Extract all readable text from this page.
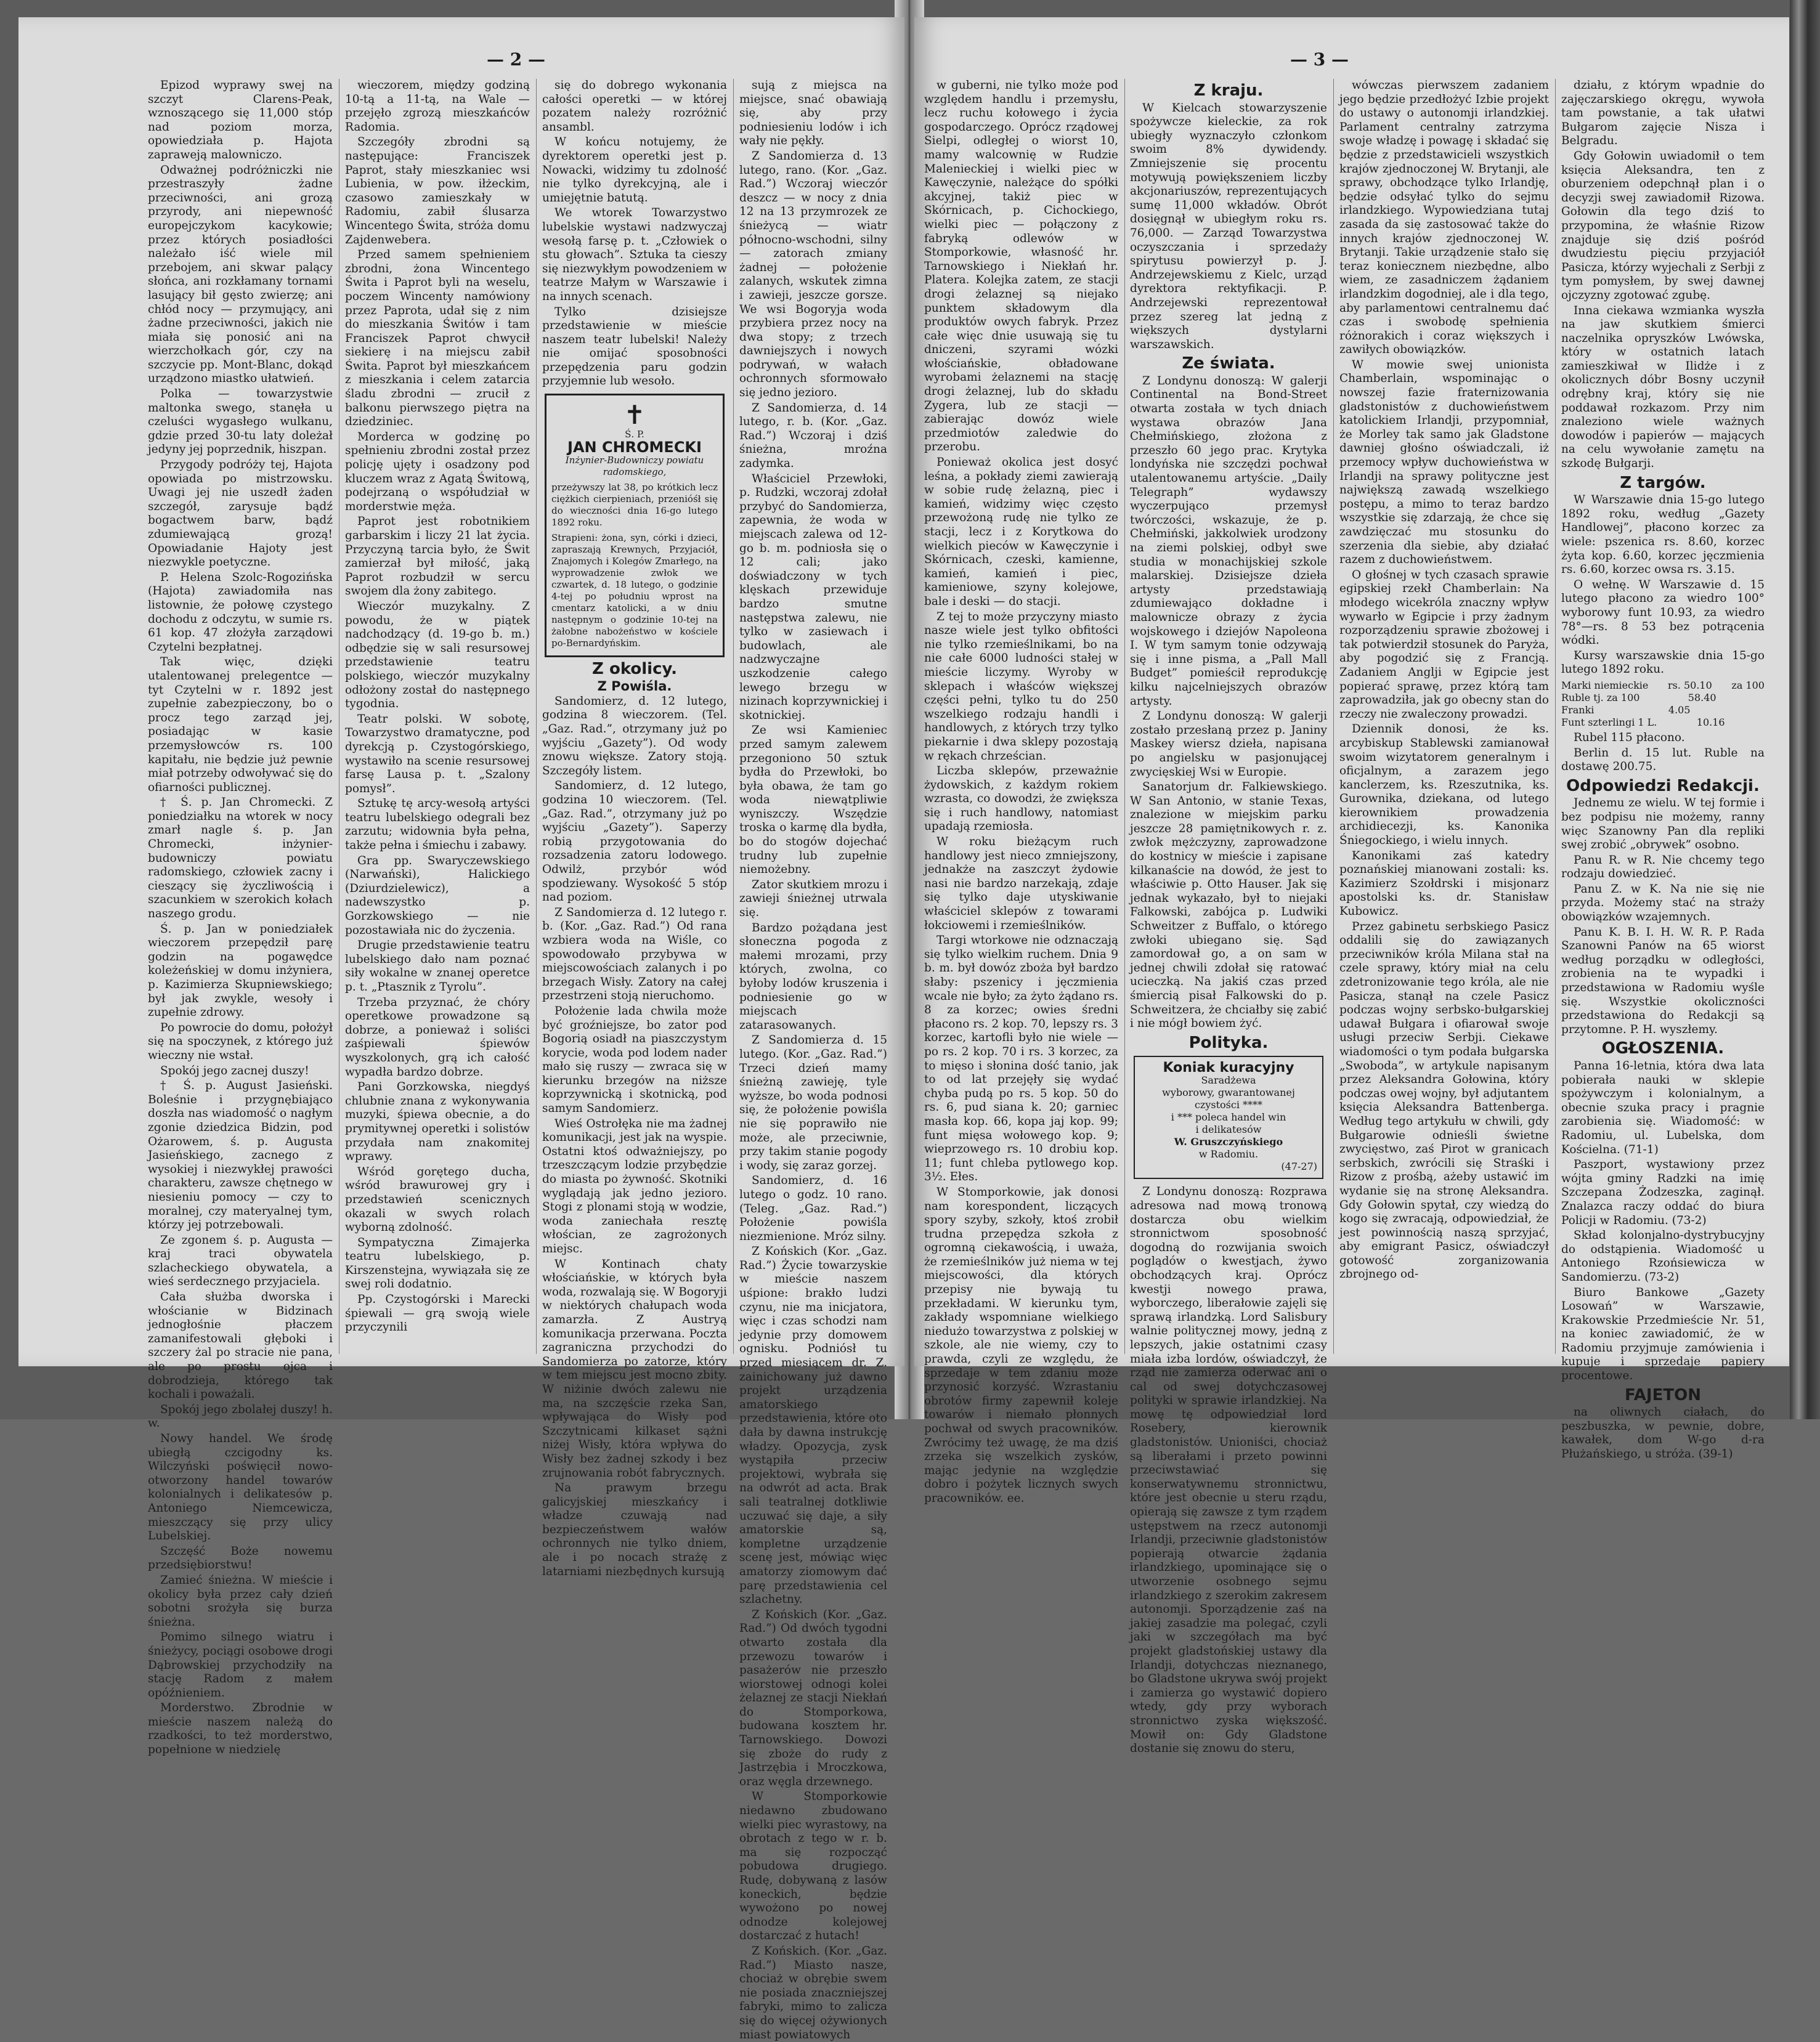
— 2 —

Epizod wyprawy swej na szczyt Clarens-Peak, wznoszącego się 11,000 stóp nad poziom morza, opowiedziała p. Hajota zapraweją malowniczo.

Odważnej podróżniczki nie przestraszyły żadne przeciwności, ani grozą przyrody, ani niepewność europejczykom kacykowie; przez których posiadłości należało iść wiele mil przebojem, ani skwar palący słońca, ani rozkłamany tornami lasujący bił gęsto zwierzę; ani chłód nocy — przymujący, ani żadne przeciwności, jakich nie miała się ponosić ani na wierzchołkach gór, czy na szczycie pp. Mont-Blanc, dokąd urządzono miastko ułatwień.

Polka — towarzystwie maltonka swego, stanęła u czeluści wygasłego wulkanu, gdzie przed 30-tu laty doleżał jedyny jej poprzednik, hiszpan.

Przygody podróży tej, Hajota opowiada po mistrzowsku. Uwagi jej nie uszedł żaden szczegół, zarysuje bądź bogactwem barw, bądź zdumiewającą grozą! Opowiadanie Hajoty jest niezwykle poetyczne.

P. Helena Szolc-Rogozińska (Hajota) zawiadomiła nas listownie, że połowę czystego dochodu z odczytu, w sumie rs. 61 kop. 47 złożyła zarządowi Czytelni bezpłatnej.

Tak więc, dzięki utalentowanej prelegentce — tyt Czytelni w r. 1892 jest zupełnie zabezpieczony, bo o procz tego zarząd jej, posiadając w kasie przemysłowców rs. 100 kapitału, nie będzie już pewnie miał potrzeby odwoływać się do ofiarności publicznej.

† Ś. p. Jan Chromecki. Z poniedziałku na wtorek w nocy zmarł nagle ś. p. Jan Chromecki, inżynier-budowniczy powiatu radomskiego, człowiek zacny i cieszący się życzliwością i szacunkiem w szerokich kołach naszego grodu.

Ś. p. Jan w poniedziałek wieczorem przepędził parę godzin na pogawędce koleżeńskiej w domu inżyniera, p. Kazimierza Skupniewskiego; był jak zwykle, wesoły i zupełnie zdrowy.

Po powrocie do domu, położył się na spoczynek, z którego już wieczny nie wstał.

Spokój jego zacnej duszy!

† Ś. p. August Jasieński. Boleśnie i przygnębiająco doszła nas wiadomość o nagłym zgonie dziedzica Bidzin, pod Ożarowem, ś. p. Augusta Jasieńskiego, zacnego z wysokiej i niezwykłej prawości charakteru, zawsze chętnego w niesieniu pomocy — czy to moralnej, czy materyalnej tym, którzy jej potrzebowali.

Ze zgonem ś. p. Augusta — kraj traci obywatela szlacheckiego obywatela, a wieś serdecznego przyjaciela.

Cała służba dworska i włościanie w Bidzinach jednogłośnie płaczem zamanifestowali głęboki i szczery żal po stracie nie pana, ale po prostu ojca i dobrodzieja, którego tak kochali i poważali.

Spokój jego zbolałej duszy! h. w.

Nowy handel. We środę ubiegłą czcigodny ks. Wilczyński poświęcił nowo-otworzony handel towarów kolonialnych i delikatesów p. Antoniego Niemcewicza, mieszczący się przy ulicy Lubelskiej.

Szczęść Boże nowemu przedsiębiorstwu!

Zamieć śnieżna. W mieście i okolicy była przez cały dzień sobotni srożyła się burza śnieżna.

Pomimo silnego wiatru i śnieżycy, pociągi osobowe drogi Dąbrowskiej przychodziły na stację Radom z małem opóźnieniem.

Morderstwo. Zbrodnie w mieście naszem należą do rzadkości, to też morderstwo, popełnione w niedzielę

wieczorem, między godziną 10-tą a 11-tą, na Wale — przejęło zgrozą mieszkańców Radomia.

Szczegóły zbrodni są następujące: Franciszek Paprot, stały mieszkaniec wsi Lubienia, w pow. iłżeckim, czasowo zamieszkały w Radomiu, zabił ślusarza Wincentego Świta, stróża domu Zajdenwebera.

Przed samem spełnieniem zbrodni, żona Wincentego Świta i Paprot byli na weselu, poczem Wincenty namówiony przez Paprota, udał się z nim do mieszkania Świtów i tam Franciszek Paprot chwycił siekierę i na miejscu zabił Świta. Paprot był mieszkańcem z mieszkania i celem zatarcia śladu zbrodni — zrucił z balkonu pierwszego piętra na dziedziniec.

Morderca w godzinę po spełnieniu zbrodni został przez policję ujęty i osadzony pod kluczem wraz z Agatą Świtową, podejrzaną o współudział w morderstwie męża.

Paprot jest robotnikiem garbarskim i liczy 21 lat życia. Przyczyną tarcia było, że Świt zamierzał był miłość, jaką Paprot rozbudził w sercu swojem dla żony zabitego.

Wieczór muzykalny. Z powodu, że w piątek nadchodzący (d. 19-go b. m.) odbędzie się w sali resursowej przedstawienie teatru polskiego, wieczór muzykalny odłożony został do następnego tygodnia.

Teatr polski. W sobotę, Towarzystwo dramatyczne, pod dyrekcją p. Czystogórskiego, wystawiło na scenie resursowej farsę Lausa p. t. „Szalony pomysł”.

Sztukę tę arcy-wesołą artyści teatru lubelskiego odegrali bez zarzutu; widownia była pełna, także pełna i śmiechu i zabawy.

Gra pp. Swaryczewskiego (Narwański), Halickiego (Dziurdzielewicz), a nadewszystko p. Gorzkowskiego — nie pozostawiała nic do życzenia.

Drugie przedstawienie teatru lubelskiego dało nam poznać siły wokalne w znanej operetce p. t. „Ptasznik z Tyrolu”.

Trzeba przyznać, że chóry operetkowe prowadzone są dobrze, a ponieważ i soliści zaśpiewali śpiewów wyszkolonych, grą ich całość wypadła bardzo dobrze.

Pani Gorzkowska, niegdyś chlubnie znana z wykonywania muzyki, śpiewa obecnie, a do prymitywnej operetki i solistów przydała nam znakomitej wprawy.

Wśród gorętego ducha, wśród brawurowej gry i przedstawień scenicznych okazali w swych rolach wyborną zdolność.

Sympatyczna Zimajerka teatru lubelskiego, p. Kirszenstejna, wywiązała się ze swej roli dodatnio.

Pp. Czystogórski i Marecki śpiewali — grą swoją wiele przyczynili

się do dobrego wykonania całości operetki — w której pozatem należy rozróżnić ansambl.

W końcu notujemy, że dyrektorem operetki jest p. Nowacki, widzimy tu zdolność nie tylko dyrekcyjną, ale i umiejętnie batutą.

We wtorek Towarzystwo lubelskie wystawi nadzwyczaj wesołą farsę p. t. „Człowiek o stu głowach”. Sztuka ta cieszy się niezwykłym powodzeniem w teatrze Małym w Warszawie i na innych scenach.

Tylko dzisiejsze przedstawienie w mieście naszem teatr lubelski! Należy nie omijać sposobności przepędzenia paru godzin przyjemnie lub wesoło.

✝
Ś. P.
JAN CHROMECKI
Inżynier-Budowniczy powiatu radomskiego,
przeżywszy lat 38, po krótkich lecz ciężkich cierpieniach, przenióśł się do wieczności dnia 16-go lutego 1892 roku.
Strapieni: żona, syn, córki i dzieci, zapraszają Krewnych, Przyjaciół, Znajomych i Kolegów Zmarłego, na wyprowadzenie zwłok we czwartek, d. 18 lutego, o godzinie 4-tej po południu wprost na cmentarz katolicki, a w dniu następnym o godzinie 10-tej na żałobne nabożeństwo w kościele po-Bernardyńskim.
Z okolicy.
Z Powiśla.

Sandomierz, d. 12 lutego, godzina 8 wieczorem. (Tel. „Gaz. Rad.”, otrzymany już po wyjściu „Gazety”). Od wody znowu większe. Zatory stoją. Szczegóły listem.

Sandomierz, d. 12 lutego, godzina 10 wieczorem. (Tel. „Gaz. Rad.”, otrzymany już po wyjściu „Gazety”). Saperzy robią przygotowania do rozsadzenia zatoru lodowego. Odwilż, przybór wód spodziewany. Wysokość 5 stóp nad poziom.

Z Sandomierza d. 12 lutego r. b. (Kor. „Gaz. Rad.”) Od rana wzbiera woda na Wiśle, co spowodowało przybywa w miejscowościach zalanych i po brzegach Wisły. Zatory na całej przestrzeni stoją nieruchomo.

Położenie lada chwila może być groźniejsze, bo zator pod Bogorią osiadł na piaszczystym korycie, woda pod lodem nader mało się ruszy — zwraca się w kierunku brzegów na niższe koprzywnicką i skotnicką, pod samym Sandomierz.

Wieś Ostrołęka nie ma żadnej komunikacji, jest jak na wyspie. Ostatni ktoś odważniejszy, po trzeszczącym lodzie przybędzie do miasta po żywność. Skotniki wyglądają jak jedno jezioro. Stogi z plonami stoją w wodzie, woda zaniechała resztę włościan, ze zagrożonych miejsc.

W Kontinach chaty włościańskie, w których była woda, rozwalają się. W Bogoryji w niektórych chałupach woda zamarzła. Z Austryą komunikacja przerwana. Poczta zagraniczna przychodzi do Sandomierza po zatorze, który w tem miejscu jest mocno zbity. W niżinie dwóch zalewu nie ma, na szczęście rzeka San, wpływająca do Wisły pod Szczytnicami kilkaset sążni niżej Wisły, która wpływa do Wisły bez żadnej szkody i bez zrujnowania robót fabrycznych.

Na prawym brzegu galicyjskiej mieszkańcy i władze czuwają nad bezpieczeństwem wałów ochronnych nie tylko dniem, ale i po nocach strażę z latarniami niezbędnych kursują

sują z miejsca na miejsce, snać obawiają się, aby przy podniesieniu lodów i ich wały nie pękły.

Z Sandomierza d. 13 lutego, rano. (Kor. „Gaz. Rad.”) Wczoraj wieczór deszcz — w nocy z dnia 12 na 13 przymrozek ze śnieżycą — wiatr północno-wschodni, silny — zatorach zmiany żadnej — położenie zalanych, wskutek zimna i zawieji, jeszcze gorsze. We wsi Bogoryja woda przybiera przez nocy na dwa stopy; z trzech dawniejszych i nowych podrywań, w wałach ochronnych sformowało się jedno jezioro.

Z Sandomierza, d. 14 lutego, r. b. (Kor. „Gaz. Rad.”) Wczoraj i dziś śnieżna, mroźna zadymka.

Właściciel Przewłoki, p. Rudzki, wczoraj zdołał przybyć do Sandomierza, zapewnia, że woda w miejscach zalewa od 12-go b. m. podniosła się o 12 cali; jako doświadczony w tych klęskach przewiduje bardzo smutne następstwa zalewu, nie tylko w zasiewach i budowlach, ale nadzwyczajne uszkodzenie całego lewego brzegu w nizinach koprzywnickiej i skotnickiej.

Ze wsi Kamieniec przed samym zalewem przegoniono 50 sztuk bydła do Przewłoki, bo była obawa, że tam go woda niewątpliwie wyniszczy. Wszędzie troska o karmę dla bydła, bo do stogów dojechać trudny lub zupełnie niemożebny.

Zator skutkiem mrozu i zawieji śnieżnej utrwala się.

Bardzo pożądana jest słoneczna pogoda z małemi mrozami, przy których, zwolna, co byłoby lodów kruszenia i podniesienie go w miejscach zatarasowanych.

Z Sandomierza d. 15 lutego. (Kor. „Gaz. Rad.”) Trzeci dzień mamy śnieżną zawieję, tyle wyższe, bo woda podnosi się, że położenie powiśla nie się poprawiło nie może, ale przeciwnie, przy takim stanie pogody i wody, się zaraz gorzej.

Sandomierz, d. 16 lutego o godz. 10 rano. (Teleg. „Gaz. Rad.”) Położenie powiśla niezmienione. Mróz silny.

Z Końskich (Kor. „Gaz. Rad.”) Życie towarzyskie w mieście naszem uśpione: brakło ludzi czynu, nie ma inicjatora, więc i czas schodzi nam jedynie przy domowem ognisku. Podniósł tu przed miesiącem dr. Z. zainichowany już dawno projekt urządzenia amatorskiego przedstawienia, które oto dała by dawna instrukcję władzy. Opozycja, zysk wystąpiła przeciw projektowi, wybrała się na odwrót ad acta. Brak sali teatralnej dotkliwie uczuwać się daje, a siły amatorskie są, kompletne urządzenie scenę jest, mówiąc więc amatorzy ziomowym dać parę przedstawienia cel szlachetny.

Z Końskich (Kor. „Gaz. Rad.”) Od dwóch tygodni otwarto została dla przewozu towarów i pasażerów nie przeszło wiorstowej odnogi kolei żelaznej ze stacji Niekłań do Stomporkowa, budowana kosztem hr. Tarnowskiego. Dowozi się zboże do rudy z Jastrzębia i Mroczkowa, oraz węgla drzewnego.

W Stomporkowie niedawno zbudowano wielki piec wyrastowy, na obrotach z tego w r. b. ma się rozpocząć pobudowa drugiego. Rudę, dobywaną z lasów koneckich, będzie wywożono po nowej odnodze kolejowej dostarczać z hutach!

Z Końskich. (Kor. „Gaz. Rad.”) Miasto nasze, chociaż w obrębie swem nie posiada znaczniejszej fabryki, mimo to zalicza się do więcej ożywionych miast powiatowych

— 3 —

w guberni, nie tylko może pod względem handlu i przemysłu, lecz ruchu kołowego i życia gospodarczego. Oprócz rządowej Sielpi, odległej o wiorst 10, mamy walcownię w Rudzie Malenieckiej i wielki piec w Kawęczynie, należące do spółki akcyjnej, takiż piec w Skórnicach, p. Cichockiego, wielki piec — połączony z fabryką odlewów w Stomporkowie, własność hr. Tarnowskiego i Niekłań hr. Platera. Kolejka zatem, ze stacji drogi żelaznej są niejako punktem składowym dla produktów owych fabryk. Przez całe więc dnie usuwają się tu dniczeni, szyrami wózki włościańskie, obładowane wyrobami żelaznemi na stację drogi żelaznej, lub do składu Zygera, lub ze stacji — zabierając dowóz wiele przedmiotów zaledwie do przerobu.

Ponieważ okolica jest dosyć leśna, a pokłady ziemi zawierają w sobie rudę żelazną, piec i kamień, widzimy więc często przewożoną rudę nie tylko ze stacji, lecz i z Korytkowa do wielkich pieców w Kawęczynie i Skórnicach, czeski, kamienne, kamień, kamień i piec, kamieniowe, szyny kolejowe, bale i deski — do stacji.

Z tej to może przyczyny miasto nasze wiele jest tylko obfitości nie tylko rzemieślnikami, bo na nie całe 6000 ludności stałej w mieście liczymy. Wyroby w sklepach i właśców większej części pełni, tylko tu do 250 wszelkiego rodzaju handli i handlowych, z których trzy tylko piekarnie i dwa sklepy pozostają w rękach chrześcian.

Liczba sklepów, przeważnie żydowskich, z każdym rokiem wzrasta, co dowodzi, że zwiększa się i ruch handlowy, natomiast upadają rzemiosła.

W roku bieżącym ruch handlowy jest nieco zmniejszony, jednakże na zaszczyt żydowie nasi nie bardzo narzekają, zdaje się tylko daje utyskiwanie właściciel sklepów z towarami łokciowemi i rzemieślników.

Targi wtorkowe nie odznaczają się tylko wielkim ruchem. Dnia 9 b. m. był dowóz zboża był bardzo słaby: pszenicy i jęczmienia wcale nie było; za żyto żądano rs. 8 za korzec; owies średni płacono rs. 2 kop. 70, lepszy rs. 3 korzec, kartofli było nie wiele — po rs. 2 kop. 70 i rs. 3 korzec, za to mięso i słonina dość tanio, jak to od lat przejęły się wydać chyba pudą po rs. 5 kop. 50 do rs. 6, pud siana k. 20; garniec masła kop. 66, kopa jaj kop. 99; funt mięsa wołowego kop. 9; wieprzowego rs. 10 drobiu kop. 11; funt chleba pytlowego kop. 3½. Ełes.

W Stomporkowie, jak donosi nam korespondent, liczących spory szyby, szkoły, ktoś zrobił trudna przepędza szkoła z ogromną ciekawością, i uważa, że rzemieślników już niema w tej miejscowości, dla których przepisy nie bywają tu przekładami. W kierunku tym, zakłady wspomniane wielkiego niedużo towarzystwa z polskiej w szkole, ale nie wiemy, czy to prawda, czyli ze względu, że sprzedaje w tem zdaniu może przynosić korzyść. Wzrastaniu obrotów firmy zapewnił koleje towarów i niemało płonnych pochwał od swych pracowników. Zwrócimy też uwagę, że ma dziś zrzeka się wszelkich zysków, mając jedynie na względzie dobro i pożytek licznych swych pracowników. ee.

Z kraju.

W Kielcach stowarzyszenie spożywcze kieleckie, za rok ubiegły wyznaczyło członkom swoim 8% dywidendy. Zmniejszenie się procentu motywują powiększeniem liczby akcjonariuszów, reprezentujących sumę 11,000 wkładów. Obrót dosięgnął w ubiegłym roku rs. 76,000. — Zarząd Towarzystwa oczyszczania i sprzedaży spirytusu powierzył p. J. Andrzejewskiemu z Kielc, urząd dyrektora rektyfikacji. P. Andrzejewski reprezentował przez szereg lat jedną z większych dystylarni warszawskich.

Ze świata.

Z Londynu donoszą: W galerji Continental na Bond-Street otwarta została w tych dniach wystawa obrazów Jana Chełmińskiego, złożona z przeszło 60 jego prac. Krytyka londyńska nie szczędzi pochwał utalentowanemu artyście. „Daily Telegraph” wydawszy wyczerpująco przemysł twórczości, wskazuje, że p. Chełmiński, jakkolwiek urodzony na ziemi polskiej, odbył swe studia w monachijskiej szkole malarskiej. Dzisiejsze dzieła artysty przedstawiają zdumiewająco dokładne i malownicze obrazy z życia wojskowego i dziejów Napoleona I. W tym samym tonie odzywają się i inne pisma, a „Pall Mall Budget” pomieścił reprodukcję kilku najcelniejszych obrazów artysty.

Z Londynu donoszą: W galerji zostało przesłaną przez p. Janiny Maskey wiersz dzieła, napisana po angielsku w pasjonującej zwycięskiej Wsi w Europie.

Sanatorjum dr. Falkiewskiego. W San Antonio, w stanie Texas, znalezione w miejskim parku jeszcze 28 pamiętnikowych r. z. zwłok mężczyzny, zaprowadzone do kostnicy w mieście i zapisane kilkanaście na dowód, że jest to właściwie p. Otto Hauser. Jak się jednak wykazało, był to niejaki Falkowski, zabójca p. Ludwiki Schweitzer z Buffalo, o którego zwłoki ubiegano się. Sąd zamordował go, a on sam w jednej chwili zdołał się ratować ucieczką. Na jakiś czas przed śmiercią pisał Falkowski do p. Schweitzera, że chciałby się zabić i nie mógł bowiem żyć.

Polityka.

Koniak kuracyjny
Saradżewa
wyborowy, gwarantowanej czystości ****
i *** poleca handel win
i delikatesów
W. Gruszczyńskiego
w Radomiu.
(47-27)

Z Londynu donoszą: Rozprawa adresowa nad mową tronową dostarcza obu wielkim stronnictwom sposobność dogodną do rozwijania swoich poglądów o kwestjach, żywo obchodzących kraj. Oprócz kwestji nowego prawa, wyborczego, liberałowie zajęli się sprawą irlandzką. Lord Salisbury walnie politycznej mowy, jedną z lepszych, jakie ostatnimi czasy miała izba lordów, oświadczył, że rząd nie zamierza oderwać ani o cal od swej dotychczasowej polityki w sprawie irlandzkiej. Na mowę tę odpowiedział lord Rosebery, kierownik gladstonistów. Unioniści, chociaż są liberałami i przeto powinni przeciwstawiać się konserwatywnemu stronnictwu, które jest obecnie u steru rządu, opierają się zawsze z tym rządem ustępstwem na rzecz autonomji Irlandji, przeciwnie gladstonistów popierają otwarcie żądania irlandzkiego, upominające się o utworzenie osobnego sejmu irlandzkiego z szerokim zakresem autonomji. Sporządzenie zaś na jakiej zasadzie ma polegać, czyli jaki w szczegółach ma być projekt gladstońskiej ustawy dla Irlandji, dotychczas nieznanego, bo Gladstone ukrywa swój projekt i zamierza go wystawić dopiero wtedy, gdy przy wyborach stronnictwo zyska większość. Mowił on: Gdy Gladstone dostanie się znowu do steru,

wówczas pierwszem zadaniem jego będzie przedłożyć Izbie projekt do ustawy o autonomji irlandzkiej. Parlament centralny zatrzyma swoje władzę i powagę i składać się będzie z przedstawicieli wszystkich krajów zjednoczonej W. Brytanji, ale sprawy, obchodzące tylko Irlandję, będzie odsyłać tylko do sejmu irlandzkiego. Wypowiedziana tutaj zasada da się zastosować także do innych krajów zjednoczonej W. Brytanji. Takie urządzenie stało się teraz koniecznem niezbędne, albo wiem, ze zasadniczem żądaniem irlandzkim dogodniej, ale i dla tego, aby parlamentowi centralnemu dać czas i swobodę spełnienia różnorakich i coraz większych i zawiłych obowiązków.

W mowie swej unionista Chamberlain, wspominając o nowszej fazie fraternizowania gladstonistów z duchowieństwem katolickiem Irlandji, przypomniał, że Morley tak samo jak Gladstone dawniej głośno oświadczali, iż przemocy wpływ duchowieństwa w Irlandji na sprawy polityczne jest największą zawadą wszelkiego postępu, a mimo to teraz bardzo wszystkie się zdarzają, że chce się zawdzięczać mu stosunku do szerzenia dla siebie, aby działać razem z duchowieństwem.

O głośnej w tych czasach sprawie egipskiej rzekł Chamberlain: Na młodego wicekróla znaczny wpływ wywarło w Egipcie i przy żadnym rozporządzeniu sprawie zbożowej i tak potwierdził stosunek do Paryża, aby pogodzić się z Francją. Zadaniem Anglji w Egipcie jest popierać sprawę, przez którą tam zaprowadziła, jak go obecny stan do rzeczy nie zwaleczony prowadzi.

Dziennik donosi, że ks. arcybiskup Stablewski zamianował swoim wizytatorem generalnym i oficjalnym, a zarazem jego kanclerzem, ks. Rzeszutnika, ks. Gurownika, dziekana, od lutego kierownikiem prowadzenia archidiecezji, ks. Kanonika Śniegockiego, i wielu innych.

Kanonikami zaś katedry poznańskiej mianowani zostali: ks. Kazimierz Szołdrski i misjonarz apostolski ks. dr. Stanisław Kubowicz.

Przez gabinetu serbskiego Pasicz oddalili się do zawiązanych przeciwników króla Milana stał na czele sprawy, który miał na celu zdetronizowanie tego króla, ale nie Pasicza, stanął na czele Pasicz podczas wojny serbsko-bułgarskiej udawał Bułgara i ofiarował swoje usługi przeciw Serbji. Ciekawe wiadomości o tym podała bułgarska „Swoboda”, w artykule napisanym przez Aleksandra Gołowina, który podczas owej wojny, był adjutantem księcia Aleksandra Battenberga. Według tego artykułu w chwili, gdy Bułgarowie odnieśli świetne zwycięstwo, zaś Pirot w granicach serbskich, zwrócili się Straśki i Rizow z prośbą, ażeby ustawić im wydanie się na stronę Aleksandra. Gdy Gołowin spytał, czy wiedzą do kogo się zwracają, odpowiedział, że jest powinnością naszą sprzyjać, aby emigrant Pasicz, oświadczył gotowość zorganizowania zbrojnego od-

działu, z którym wpadnie do zajęczarskiego okręgu, wywoła tam powstanie, a tak ułatwi Bułgarom zajęcie Nisza i Belgradu.

Gdy Gołowin uwiadomił o tem księcia Aleksandra, ten z oburzeniem odepchnął plan i o decyzji swej zawiadomił Rizowa. Gołowin dla tego dziś to przypomina, że właśnie Rizow znajduje się dziś pośród dwudziestu pięciu przyjaciół Pasicza, którzy wyjechali z Serbji z tym pomysłem, by swej dawnej ojczyzny zgotować zgubę.

Inna ciekawa wzmianka wyszła na jaw skutkiem śmierci naczelnika opryszków Lwówska, który w ostatnich latach zamieszkiwał w Ilidże i z okolicznych dóbr Bosny uczynił odrębny kraj, który się nie poddawał rozkazom. Przy nim znaleziono wiele ważnych dowodów i papierów — mających na celu wywołanie zamętu na szkodę Bułgarji.

Z targów.

W Warszawie dnia 15-go lutego 1892 roku, według „Gazety Handlowej”, płacono korzec za wiele: pszenica rs. 8.60, korzec żyta kop. 6.60, korzec jęczmienia rs. 6.60, korzec owsa rs. 3.15.

O wełnę. W Warszawie d. 15 lutego płacono za wiedro 100° wyborowy funt 10.93, za wiedro 78°—rs. 8 53 bez potrącenia wódki.

Kursy warszawskie dnia 15-go lutego 1892 roku.

Marki niemieckie rs. 50.10 za 100
Ruble tj. za 100	58.40
Franki	4.05
Funt szterlingi 1 L.	10.16

Rubel 115 płacono.

Berlin d. 15 lut. Ruble na dostawę 200.75.

Odpowiedzi Redakcji.

Jednemu ze wielu. W tej formie i bez podpisu nie możemy, ranny więc Szanowny Pan dla repliki swej zrobić „obrywek” osobno.

Panu R. w R. Nie chcemy tego rodzaju dowiedzieć.

Panu Z. w K. Na nie się nie przyda. Możemy stać na straży obowiązków wzajemnych.

Panu K. B. I. H. W. R. P. Rada Szanowni Panów na 65 wiorst według porządku w odległości, zrobienia na te wypadki i przedstawiona w Radomiu wyśle się. Wszystkie okoliczności przedstawiona do Redakcji są przytomne. P. H. wyszłemy.

OGŁOSZENIA.

Panna 16-letnia, która dwa lata pobierała nauki w sklepie spożywczym i kolonialnym, a obecnie szuka pracy i pragnie zarobienia się. Wiadomość: w Radomiu, ul. Lubelska, dom Kościelna. (71-1)

Paszport, wystawiony przez wójta gminy Radzki na imię Szczepana Żodzeszka, zaginął. Znalazca raczy oddać do biura Policji w Radomiu. (73-2)

Skład kolonjalno-dystrybucyjny do odstąpienia. Wiadomość u Antoniego Rzońsiewicza w Sandomierzu. (73-2)

Biuro Bankowe „Gazety Losowań” w Warszawie, Krakowskie Przedmieście Nr. 51, na koniec zawiadomić, że w Radomiu przyjmuje zamówienia i kupuje i sprzedaje papiery procentowe.

FAJETON

na oliwnych ciałach, do peszbuszka, w pewnie, dobre, kawałek, dom W-go d-ra Płużańskiego, u stróża. (39-1)
